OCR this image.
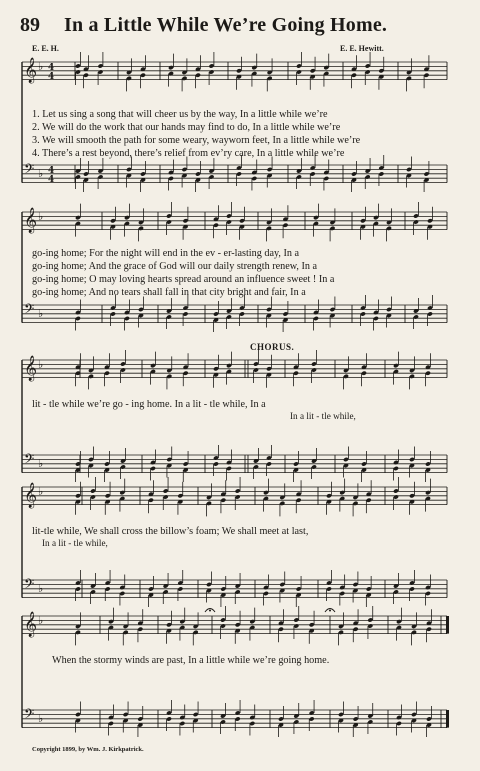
89 In a Little While We’re Going Home.
E. E. H.	E. E. Hewitt.
𝄞 ♭ 4
4
𝄢 ♭ 4
4
𝄞 ♭
𝄢 ♭
𝄞 ♭
𝄢 ♭
𝄞 ♭
𝄢 ♭
𝄞 ♭
𝄢 ♭
1. Let us sing a song that will cheer us by the way, In a little while we’re
2. We will do the work that our hands may find to do, In a little while we’re
3. We will smooth the path for some weary, wayworn feet, In a little while we’re
4. There’s a rest beyond, there’s relief from ev’ry care, In a little while we’re
go-ing home; For the night will end in the ev - er-lasting day, In a
go-ing home; And the grace of God will our daily strength renew, In a
go-ing home; O may loving hearts spread around an influence sweet ! In a
go-ing home; And no tears shall fall in that city bright and fair, In a
CHORUS.
lit - tle while we’re go - ing home. In a lit - tle while, In a
In a lit - tle while,
lit-tle while, We shall cross the billow’s foam; We shall meet at last,
In a lit - tle while,
When the stormy winds are past, In a little while we’re going home.
Copyright 1899, by Wm. J. Kirkpatrick.
